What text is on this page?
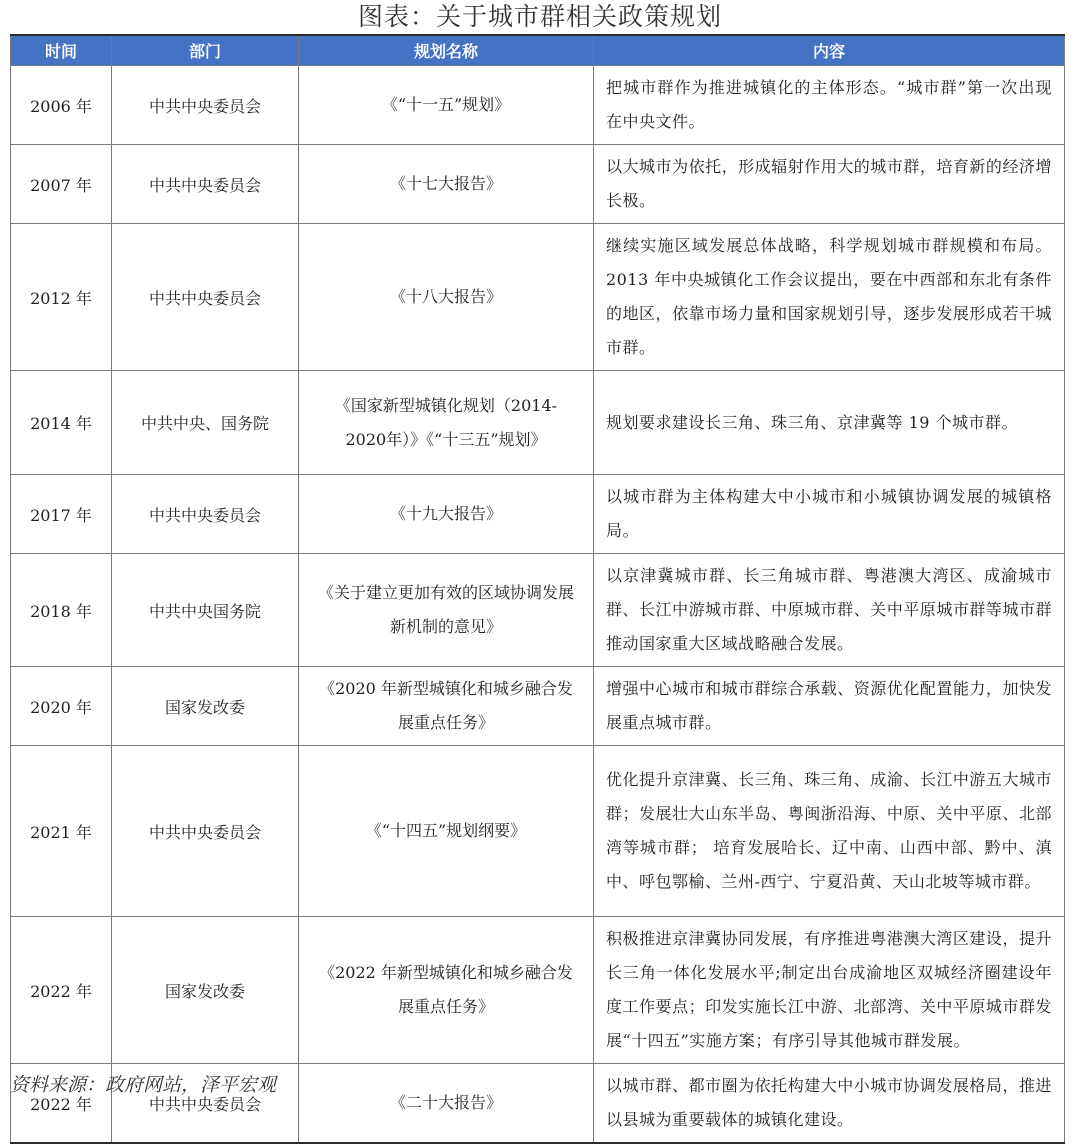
图表：关于城市群相关政策规划
时间	部门	规划名称	内容
2006 年	中共中央委员会	《“十一五”规划》	把城市群作为推进城镇化的主体形态。“城市群”第一次出现在中央文件。
2007 年	中共中央委员会	《十七大报告》	以大城市为依托，形成辐射作用大的城市群，培育新的经济增长极。
2012 年	中共中央委员会	《十八大报告》	继续实施区域发展总体战略，科学规划城市群规模和布局。2013 年中央城镇化工作会议提出，要在中西部和东北有条件的地区，依靠市场力量和国家规划引导，逐步发展形成若干城市群。
2014 年	中共中央、国务院	《国家新型城镇化规划（2014-2020年）》《“十三五”规划》	规划要求建设长三角、珠三角、京津冀等 19 个城市群。
2017 年	中共中央委员会	《十九大报告》	以城市群为主体构建大中小城市和小城镇协调发展的城镇格局。
2018 年	中共中央国务院	《关于建立更加有效的区域协调发展新机制的意见》	以京津冀城市群、长三角城市群、粤港澳大湾区、成渝城市群、长江中游城市群、中原城市群、关中平原城市群等城市群推动国家重大区域战略融合发展。
2020 年	国家发改委	《2020 年新型城镇化和城乡融合发展重点任务》	增强中心城市和城市群综合承载、资源优化配置能力，加快发展重点城市群。
2021 年	中共中央委员会	《“十四五”规划纲要》	优化提升京津冀、长三角、珠三角、成渝、长江中游五大城市群；发展壮大山东半岛、粤闽浙沿海、中原、关中平原、北部湾等城市群； 培育发展哈长、辽中南、山西中部、黔中、滇中、呼包鄂榆、兰州-西宁、宁夏沿黄、天山北坡等城市群。
2022 年	国家发改委	《2022 年新型城镇化和城乡融合发展重点任务》	积极推进京津冀协同发展，有序推进粤港澳大湾区建设，提升长三角一体化发展水平;制定出台成渝地区双城经济圈建设年度工作要点；印发实施长江中游、北部湾、关中平原城市群发展“十四五”实施方案；有序引导其他城市群发展。
2022 年	中共中央委员会	《二十大报告》	以城市群、都市圈为依托构建大中小城市协调发展格局，推进以县城为重要载体的城镇化建设。
资料来源：政府网站，泽平宏观
